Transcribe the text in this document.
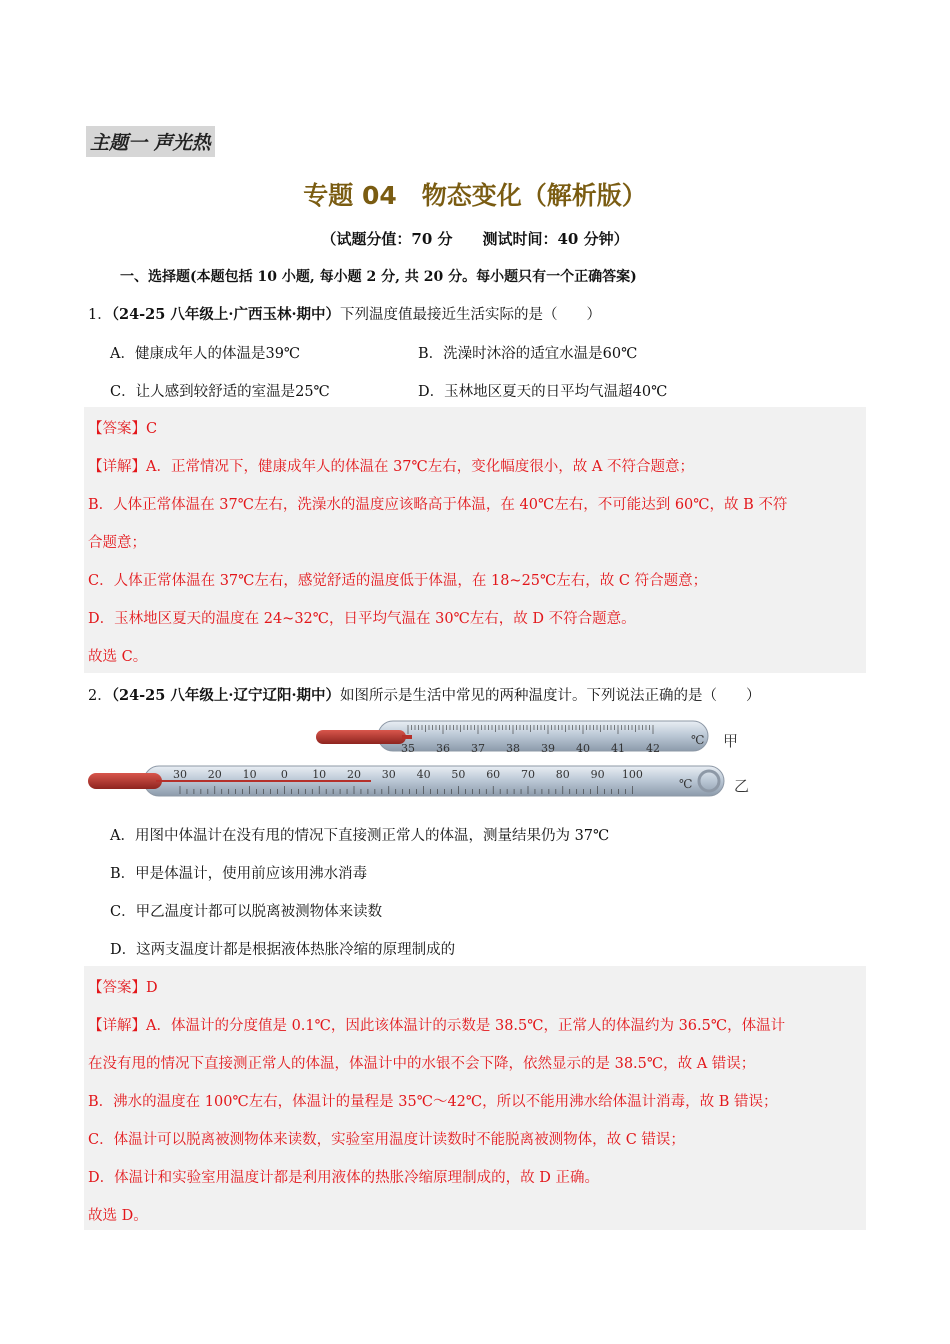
主题一 声光热
专题 04　物态变化（解析版）
（试题分值：70 分　　测试时间：40 分钟）
一、选择题(本题包括 10 小题, 每小题 2 分, 共 20 分。每小题只有一个正确答案)
1．（24-25 八年级上·广西玉林·期中）下列温度值最接近生活实际的是（　　）
A．健康成年人的体温是39℃	B．洗澡时沐浴的适宜水温是60℃
C．让人感到较舒适的室温是25℃	D．玉林地区夏天的日平均气温超40℃
【答案】C
【详解】A．正常情况下，健康成年人的体温在 37℃左右，变化幅度很小，故 A 不符合题意；
B．人体正常体温在 37℃左右，洗澡水的温度应该略高于体温，在 40℃左右，不可能达到 60℃，故 B 不符
合题意；
C．人体正常体温在 37℃左右，感觉舒适的温度低于体温，在 18~25℃左右，故 C 符合题意；
D．玉林地区夏天的温度在 24~32℃，日平均气温在 30℃左右，故 D 不符合题意。
故选 C。
2．（24-25 八年级上·辽宁辽阳·期中）如图所示是生活中常见的两种温度计。下列说法正确的是（　　）
35 36 37 38 39 40 41 42
℃ 甲
30 20 10 0 10 20 30 40 50 60 70 80 90 100
℃	乙
A．用图中体温计在没有甩的情况下直接测正常人的体温，测量结果仍为 37℃
B．甲是体温计，使用前应该用沸水消毒
C．甲乙温度计都可以脱离被测物体来读数
D．这两支温度计都是根据液体热胀冷缩的原理制成的
【答案】D
【详解】A．体温计的分度值是 0.1℃，因此该体温计的示数是 38.5℃，正常人的体温约为 36.5℃，体温计
在没有甩的情况下直接测正常人的体温，体温计中的水银不会下降，依然显示的是 38.5℃，故 A 错误；
B．沸水的温度在 100℃左右，体温计的量程是 35℃～42℃，所以不能用沸水给体温计消毒，故 B 错误；
C．体温计可以脱离被测物体来读数，实验室用温度计读数时不能脱离被测物体，故 C 错误；
D．体温计和实验室用温度计都是利用液体的热胀冷缩原理制成的，故 D 正确。
故选 D。
